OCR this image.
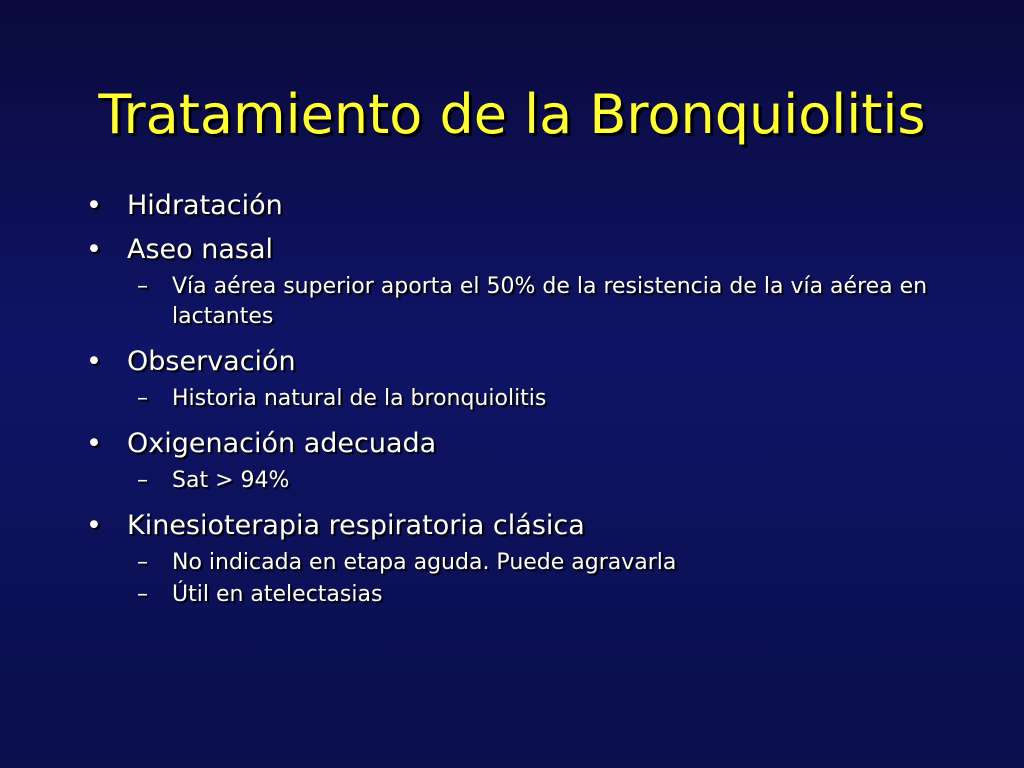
Tratamiento de la Bronquiolitis
• Hidratación
• Aseo nasal
– Vía aérea superior aporta el 50% de la resistencia de la vía aérea en lactantes
• Observación
– Historia natural de la bronquiolitis
• Oxigenación adecuada
– Sat > 94%
• Kinesioterapia respiratoria clásica
– No indicada en etapa aguda. Puede agravarla
– Útil en atelectasias
